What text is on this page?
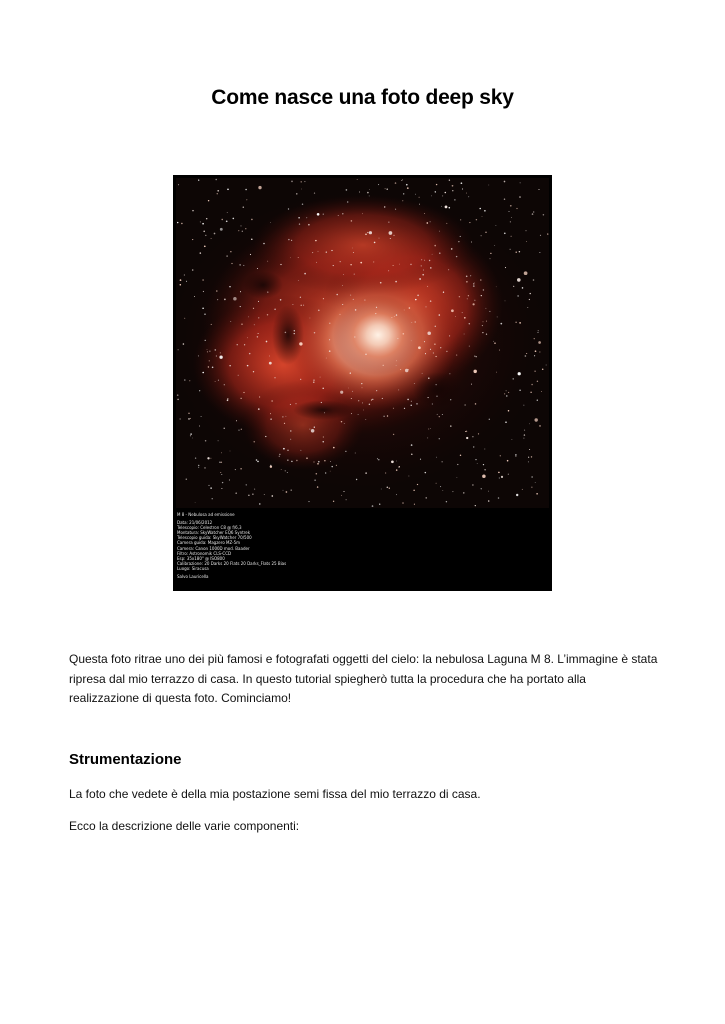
Come nasce una foto deep sky
M 8 - Nebulosa ad emissione
Data: 21/06/2012
Telescopio: Celestron C8 @ f/6,3
Montatura: SkyWatcher EQ6 Syntrek
Telescopio guida: SkyWatcher 70/500
Camera guida: Magzero MZ-5m
Camera: Canon 1000D mod. Baader
Filtro: Astronomik CLS-CCD
Esp: 35x180" @ ISO800
Calibrazione: 20 Darks 20 Flats 20 Darks_Flats 25 Bias
Luogo: Siracusa
Salvo Lauricella
Questa foto ritrae uno dei più famosi e fotografati oggetti del cielo: la nebulosa Laguna M 8. L’immagine è stata ripresa dal mio terrazzo di casa. In questo tutorial spiegherò tutta la procedura che ha portato alla realizzazione di questa foto. Cominciamo!
Strumentazione
La foto che vedete è della mia postazione semi fissa del mio terrazzo di casa.
Ecco la descrizione delle varie componenti:
